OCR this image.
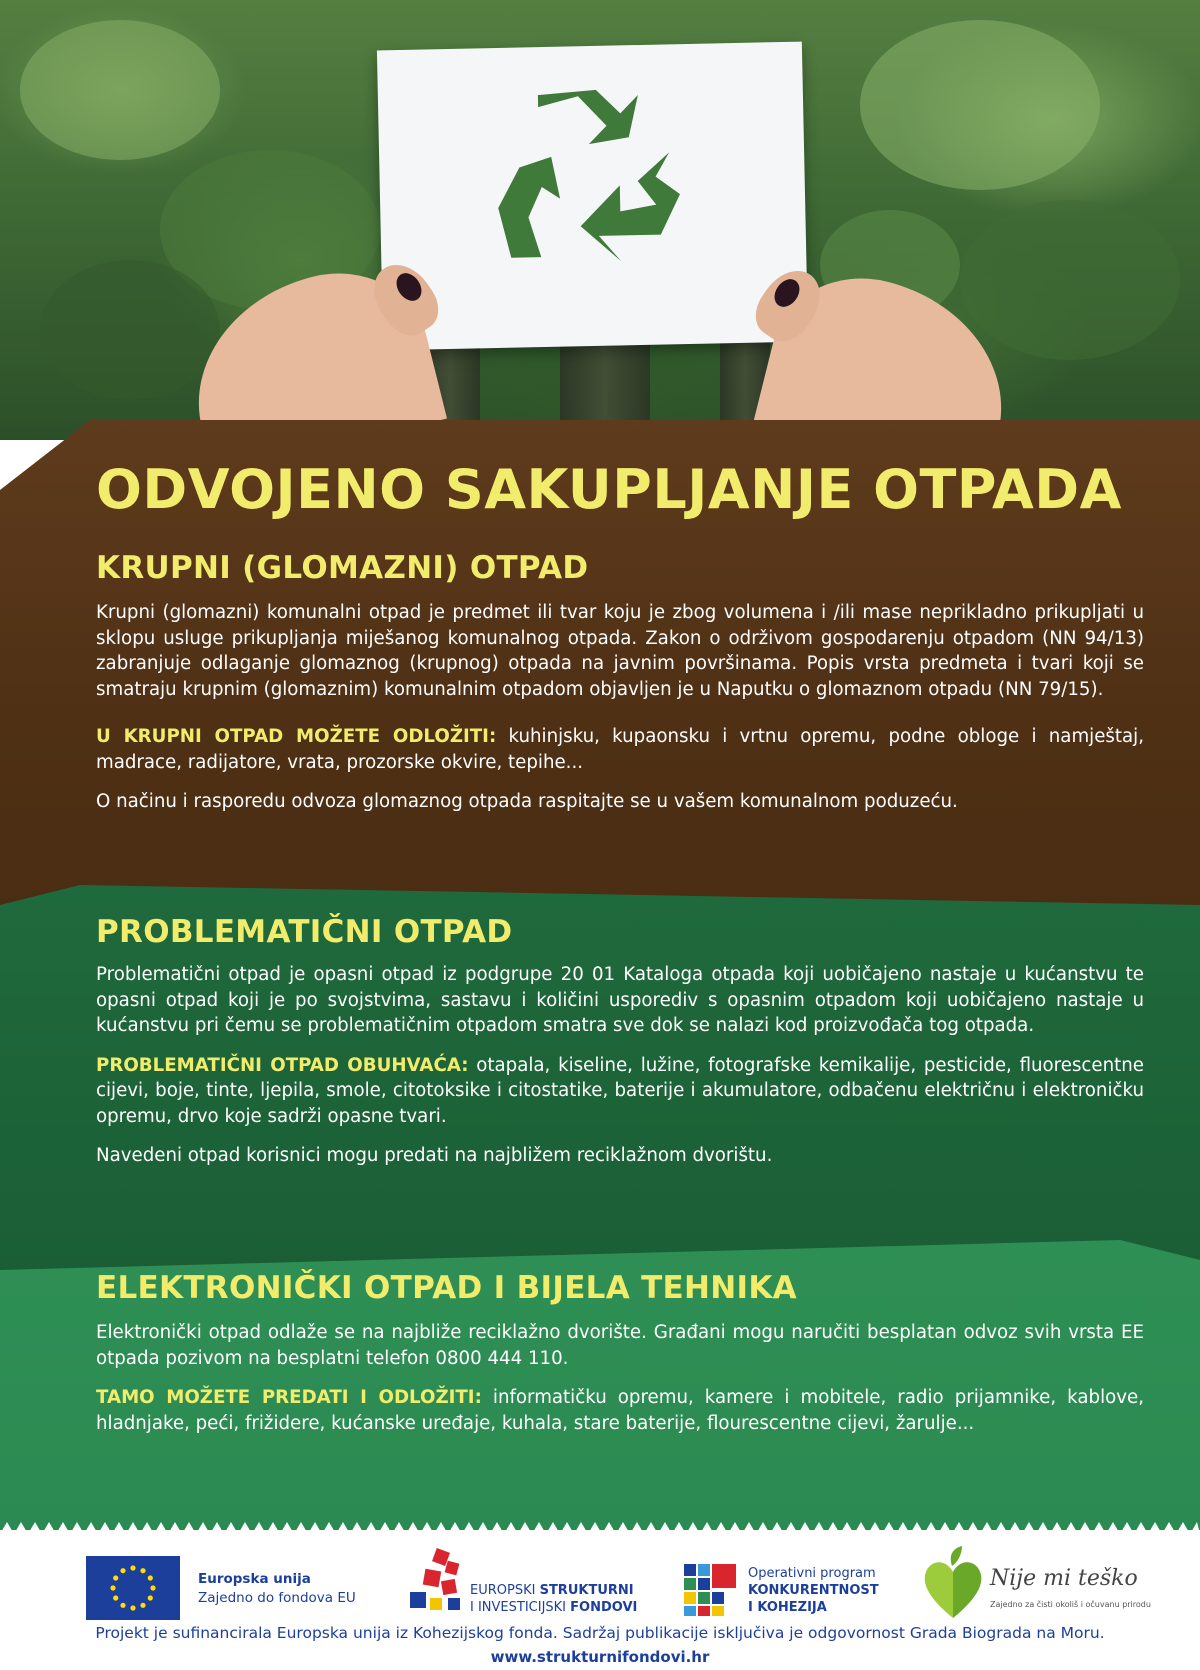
ODVOJENO SAKUPLJANJE OTPADA
KRUPNI (GLOMAZNI) OTPAD

Krupni (glomazni) komunalni otpad je predmet ili tvar koju je zbog volumena i /ili mase neprikladno prikupljati u sklopu usluge prikupljanja miješanog komunalnog otpada. Zakon o održivom gospodarenju otpadom (NN 94/13) zabranjuje odlaganje glomaznog (krupnog) otpada na javnim površinama. Popis vrsta predmeta i tvari koji se smatraju krupnim (glomaznim) komunalnim otpadom objavljen je u Naputku o glomaznom otpadu (NN 79/15).

U KRUPNI OTPAD MOŽETE ODLOŽITI: kuhinjsku, kupaonsku i vrtnu opremu, podne obloge i namještaj, madrace, radijatore, vrata, prozorske okvire, tepihe...

O načinu i rasporedu odvoza glomaznog otpada raspitajte se u vašem komunalnom poduzeću.

PROBLEMATIČNI OTPAD

Problematični otpad je opasni otpad iz podgrupe 20 01 Kataloga otpada koji uobičajeno nastaje u kućanstvu te opasni otpad koji je po svojstvima, sastavu i količini usporediv s opasnim otpadom koji uobičajeno nastaje u kućanstvu pri čemu se problematičnim otpadom smatra sve dok se nalazi kod proizvođača tog otpada.

PROBLEMATIČNI OTPAD OBUHVAĆA: otapala, kiseline, lužine, fotografske kemikalije, pesticide, fluorescentne cijevi, boje, tinte, ljepila, smole, citotoksike i citostatike, baterije i akumulatore, odbačenu električnu i elektroničku opremu, drvo koje sadrži opasne tvari.

Navedeni otpad korisnici mogu predati na najbližem reciklažnom dvorištu.

ELEKTRONIČKI OTPAD I BIJELA TEHNIKA

Elektronički otpad odlaže se na najbliže reciklažno dvorište. Građani mogu naručiti besplatan odvoz svih vrsta EE otpada pozivom na besplatni telefon 0800 444 110.

TAMO MOŽETE PREDATI I ODLOŽITI: informatičku opremu, kamere i mobitele, radio prijamnike, kablove, hladnjake, peći, frižidere, kućanske uređaje, kuhala, stare baterije, flourescentne cijevi, žarulje...

Europska unija
Zajedno do fondova EU	EUROPSKI STRUKTURNI
I INVESTICIJSKI FONDOVI
Operativni program
KONKURENTNOST
I KOHEZIJA
Nije mi teško
Zajedno za čisti okoliš i očuvanu prirodu
Projekt je sufinancirala Europska unija iz Kohezijskog fonda. Sadržaj publikacije isključiva je odgovornost Grada Biograda na Moru.
www.strukturnifondovi.hr
